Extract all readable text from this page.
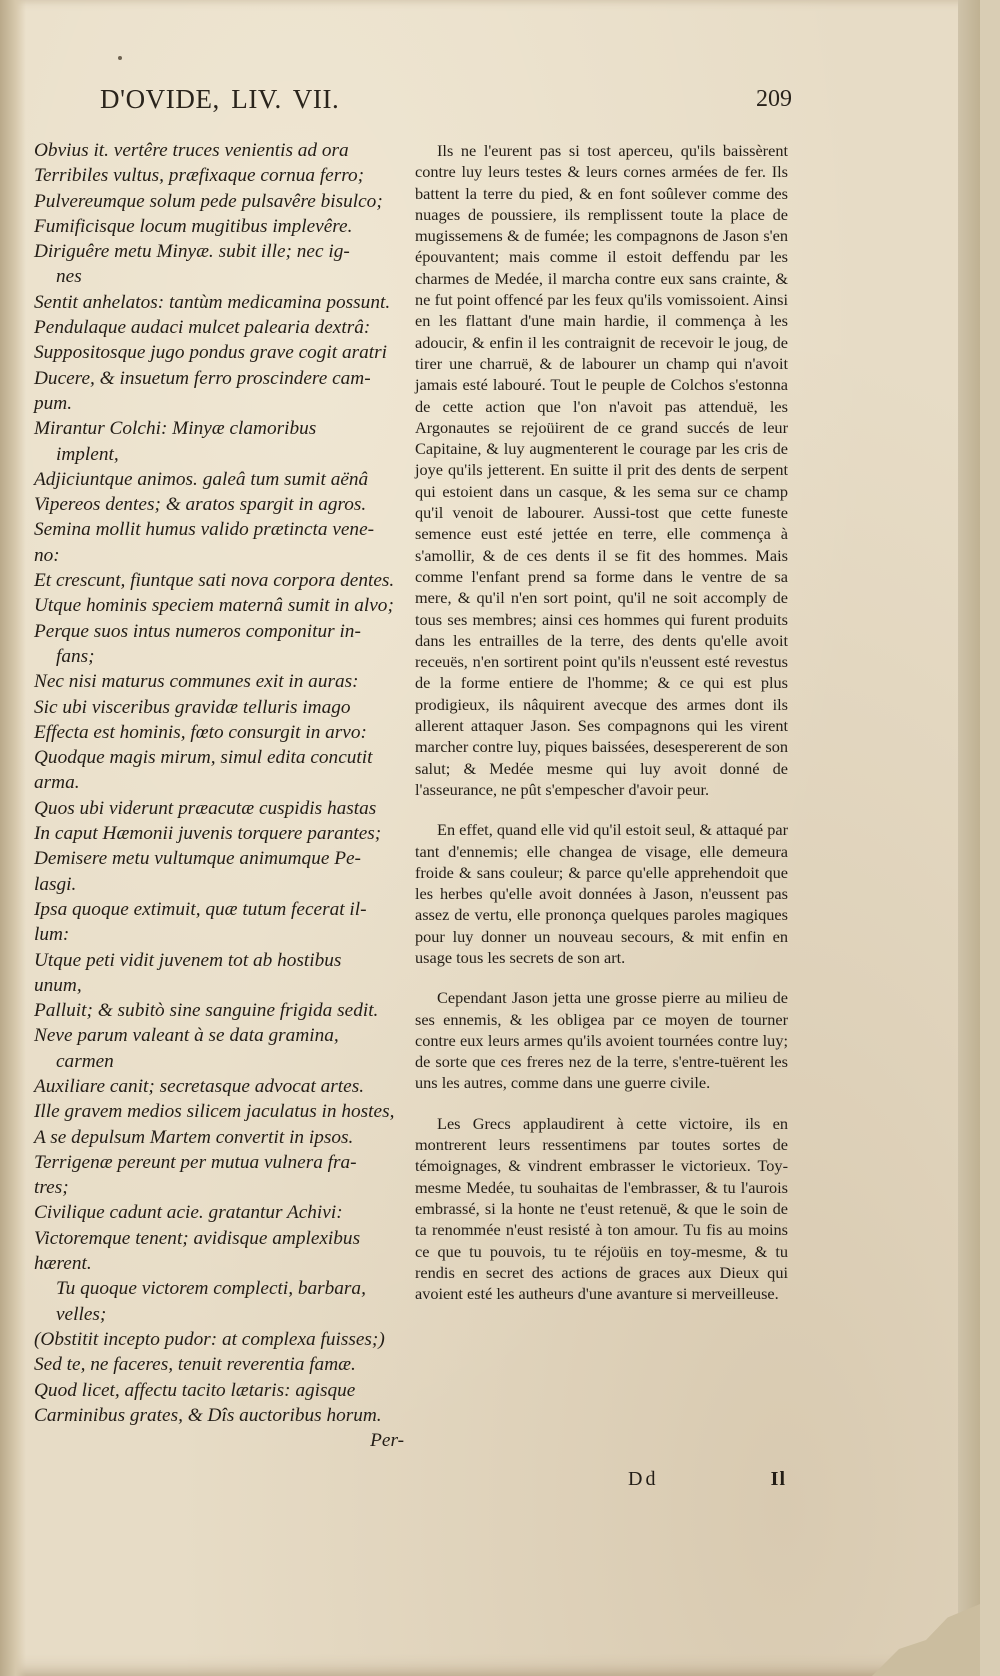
D'OVIDE, LIV. VII.	209
Obvius it. vertêre truces venientis ad ora
Terribiles vultus, præfixaque cornua ferro;
Pulvereumque solum pede pulsavêre bisulco;
Fumificisque locum mugitibus implevêre.
Diriguêre metu Minyæ. subit ille; nec ig-
nes
Sentit anhelatos: tantùm medicamina possunt.
Pendulaque audaci mulcet palearia dextrâ:
Suppositosque jugo pondus grave cogit aratri
Ducere, & insuetum ferro proscindere cam-
pum.
Mirantur Colchi: Minyæ clamoribus
implent,
Adjiciuntque animos. galeâ tum sumit aënâ
Vipereos dentes; & aratos spargit in agros.
Semina mollit humus valido prætincta vene-
no:
Et crescunt, fiuntque sati nova corpora dentes.
Utque hominis speciem maternâ sumit in alvo;
Perque suos intus numeros componitur in-
fans;
Nec nisi maturus communes exit in auras:
Sic ubi visceribus gravidæ telluris imago
Effecta est hominis, fœto consurgit in arvo:
Quodque magis mirum, simul edita concutit
arma.
Quos ubi viderunt præacutæ cuspidis hastas
In caput Hæmonii juvenis torquere parantes;
Demisere metu vultumque animumque Pe-
lasgi.
Ipsa quoque extimuit, quæ tutum fecerat il-
lum:
Utque peti vidit juvenem tot ab hostibus
unum,
Palluit; & subitò sine sanguine frigida sedit.
Neve parum valeant à se data gramina,
carmen
Auxiliare canit; secretasque advocat artes.
Ille gravem medios silicem jaculatus in hostes,
A se depulsum Martem convertit in ipsos.
Terrigenæ pereunt per mutua vulnera fra-
tres;
Civilique cadunt acie. gratantur Achivi:
Victoremque tenent; avidisque amplexibus
hærent.
Tu quoque victorem complecti, barbara,
velles;
(Obstitit incepto pudor: at complexa fuisses;)
Sed te, ne faceres, tenuit reverentia famæ.
Quod licet, affectu tacito lætaris: agisque
Carminibus grates, & Dîs auctoribus horum.
Per-

Ils ne l'eurent pas si tost aperceu, qu'ils baissèrent contre luy leurs testes & leurs cornes armées de fer. Ils battent la terre du pied, & en font soûlever comme des nuages de poussiere, ils remplissent toute la place de mugissemens & de fumée; les compagnons de Jason s'en épouvantent; mais comme il estoit deffendu par les charmes de Medée, il marcha contre eux sans crainte, & ne fut point offencé par les feux qu'ils vomissoient. Ainsi en les flattant d'une main hardie, il commença à les adoucir, & enfin il les contraignit de recevoir le joug, de tirer une charruë, & de labourer un champ qui n'avoit jamais esté labouré. Tout le peuple de Colchos s'estonna de cette action que l'on n'avoit pas attenduë, les Argonautes se rejoüirent de ce grand succés de leur Capitaine, & luy augmenterent le courage par les cris de joye qu'ils jetterent. En suitte il prit des dents de serpent qui estoient dans un casque, & les sema sur ce champ qu'il venoit de labourer. Aussi-tost que cette funeste semence eust esté jettée en terre, elle commença à s'amollir, & de ces dents il se fit des hommes. Mais comme l'enfant prend sa forme dans le ventre de sa mere, & qu'il n'en sort point, qu'il ne soit accomply de tous ses membres; ainsi ces hommes qui furent produits dans les entrailles de la terre, des dents qu'elle avoit receuës, n'en sortirent point qu'ils n'eussent esté revestus de la forme entiere de l'homme; & ce qui est plus prodigieux, ils nâquirent avecque des armes dont ils allerent attaquer Jason. Ses compagnons qui les virent marcher contre luy, piques baissées, desespererent de son salut; & Medée mesme qui luy avoit donné de l'asseurance, ne pût s'empescher d'avoir peur.

En effet, quand elle vid qu'il estoit seul, & attaqué par tant d'ennemis; elle changea de visage, elle demeura froide & sans couleur; & parce qu'elle apprehendoit que les herbes qu'elle avoit données à Jason, n'eussent pas assez de vertu, elle prononça quelques paroles magiques pour luy donner un nouveau secours, & mit enfin en usage tous les secrets de son art.

Cependant Jason jetta une grosse pierre au milieu de ses ennemis, & les obligea par ce moyen de tourner contre eux leurs armes qu'ils avoient tournées contre luy; de sorte que ces freres nez de la terre, s'entre-tuërent les uns les autres, comme dans une guerre civile.

Les Grecs applaudirent à cette victoire, ils en montrerent leurs ressentimens par toutes sortes de témoignages, & vindrent embrasser le victorieux. Toy-mesme Medée, tu souhaitas de l'embrasser, & tu l'aurois embrassé, si la honte ne t'eust retenuë, & que le soin de ta renommée n'eust resisté à ton amour. Tu fis au moins ce que tu pouvois, tu te réjoüis en toy-mesme, & tu rendis en secret des actions de graces aux Dieux qui avoient esté les autheurs d'une avanture si merveilleuse.

Dd	Il
